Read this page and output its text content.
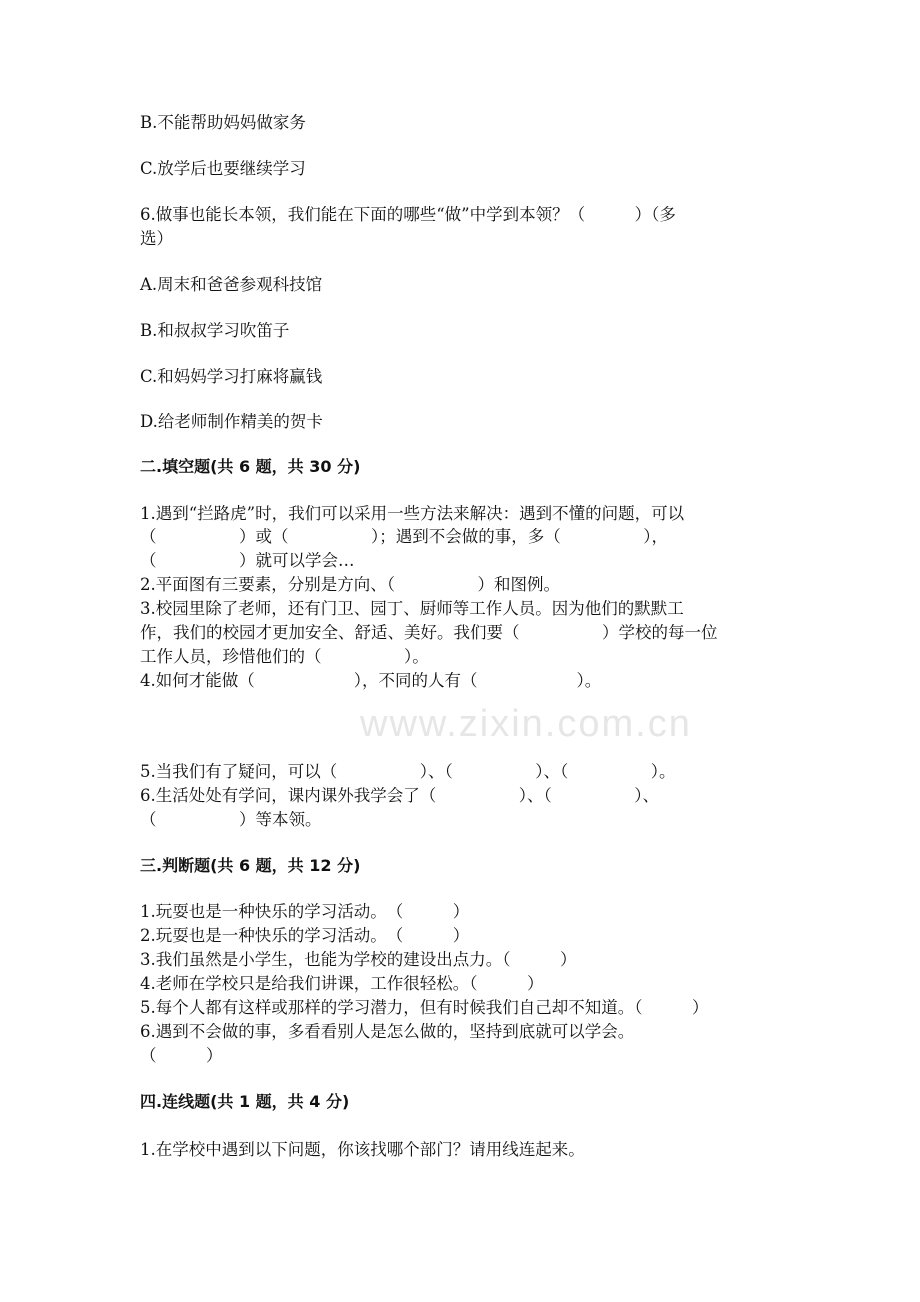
www.zixin.com.cn
B.不能帮助妈妈做家务
C.放学后也要继续学习
6.做事也能长本领，我们能在下面的哪些“做”中学到本领？（　　　）（多
选）
A.周末和爸爸参观科技馆
B.和叔叔学习吹笛子
C.和妈妈学习打麻将赢钱
D.给老师制作精美的贺卡
二.填空题(共 6 题，共 30 分)
1.遇到“拦路虎”时，我们可以采用一些方法来解决：遇到不懂的问题，可以
（　　　　　）或（　　　　　）；遇到不会做的事，多（　　　　　），
（　　　　　）就可以学会…
2.平面图有三要素，分别是方向、（　　　　　）和图例。
3.校园里除了老师，还有门卫、园丁、厨师等工作人员。因为他们的默默工
作，我们的校园才更加安全、舒适、美好。我们要（　　　　　）学校的每一位
工作人员，珍惜他们的（　　　　　）。
4.如何才能做（　　　　　　），不同的人有（　　　　　　）。
5.当我们有了疑问，可以（　　　　　）、（　　　　　）、（　　　　　）。
6.生活处处有学问，课内课外我学会了（　　　　　）、（　　　　　）、
（　　　　　）等本领。
三.判断题(共 6 题，共 12 分)
1.玩耍也是一种快乐的学习活动。　（　　　）
2.玩耍也是一种快乐的学习活动。　（　　　）
3.我们虽然是小学生，也能为学校的建设出点力。（　　　）
4.老师在学校只是给我们讲课，工作很轻松。（　　　）
5.每个人都有这样或那样的学习潜力，但有时候我们自己却不知道。（　　　）
6.遇到不会做的事，多看看别人是怎么做的，坚持到底就可以学会。
（　　　）
四.连线题(共 1 题，共 4 分)
1.在学校中遇到以下问题，你该找哪个部门？请用线连起来。
